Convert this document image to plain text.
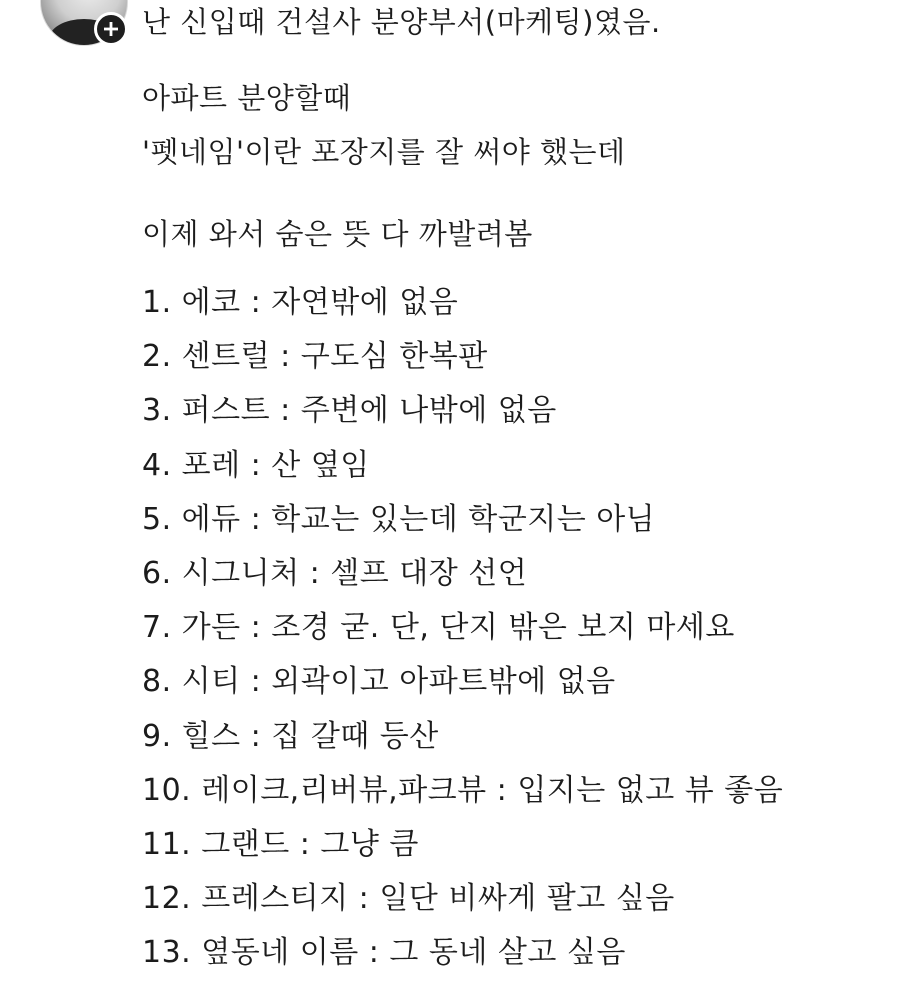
난 신입때 건설사 분양부서(마케팅)였음.
아파트 분양할때
'펫네임'이란 포장지를 잘 써야 했는데
이제 와서 숨은 뜻 다 까발려봄
1. 에코 : 자연밖에 없음
2. 센트럴 : 구도심 한복판
3. 퍼스트 : 주변에 나밖에 없음
4. 포레 : 산 옆임
5. 에듀 : 학교는 있는데 학군지는 아님
6. 시그니처 : 셀프 대장 선언
7. 가든 : 조경 굳. 단, 단지 밖은 보지 마세요
8. 시티 : 외곽이고 아파트밖에 없음
9. 힐스 : 집 갈때 등산
10. 레이크,리버뷰,파크뷰 : 입지는 없고 뷰 좋음
11. 그랜드 : 그냥 큼
12. 프레스티지 : 일단 비싸게 팔고 싶음
13. 옆동네 이름 : 그 동네 살고 싶음
